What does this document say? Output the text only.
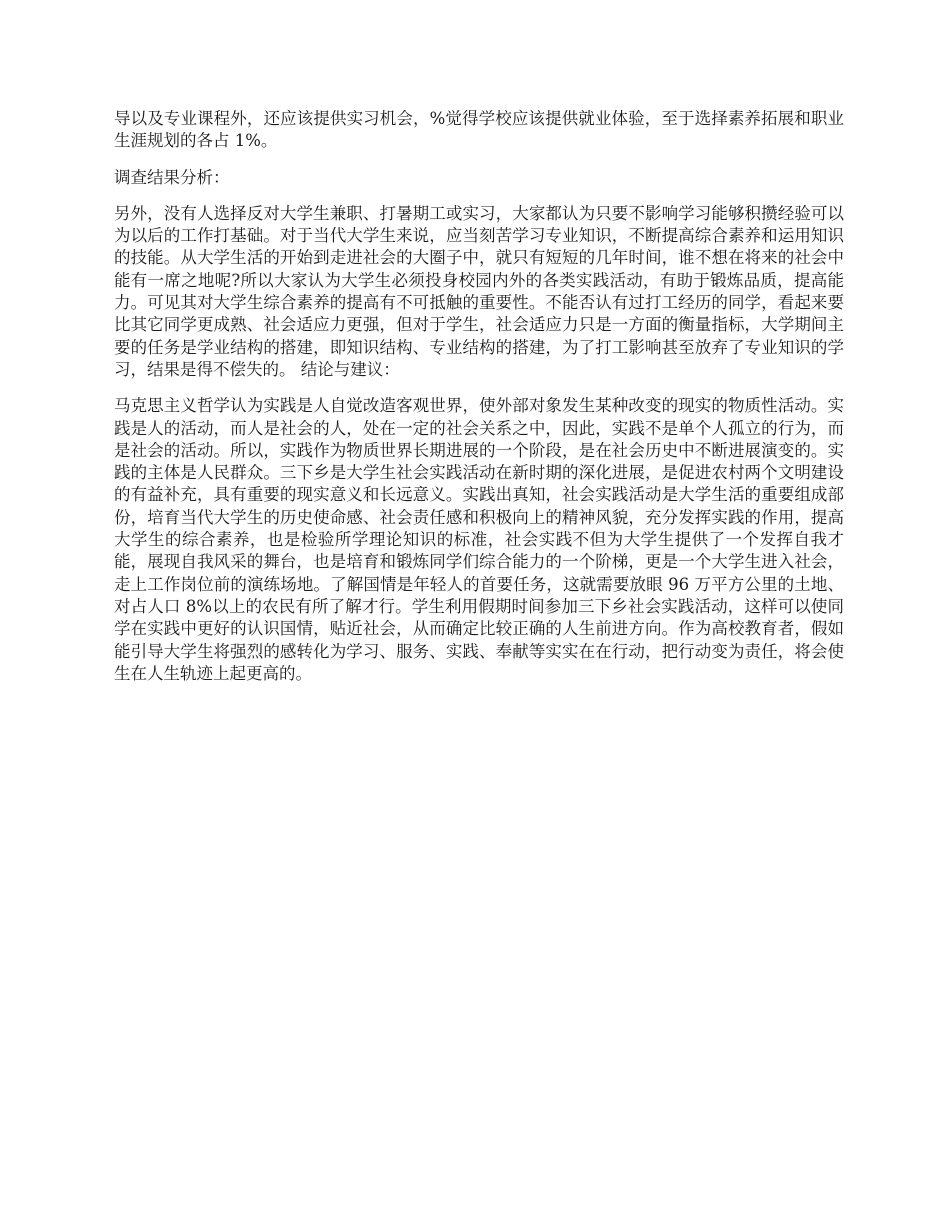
导以及专业课程外，还应该提供实习机会，%觉得学校应该提供就业体验，至于选择素养拓展和职业生涯规划的各占 1%。

调查结果分析：

另外，没有人选择反对大学生兼职、打暑期工或实习，大家都认为只要不影响学习能够积攒经验可以为以后的工作打基础。对于当代大学生来说，应当刻苦学习专业知识，不断提高综合素养和运用知识的技能。从大学生活的开始到走进社会的大圈子中，就只有短短的几年时间，谁不想在将来的社会中能有一席之地呢?所以大家认为大学生必须投身校园内外的各类实践活动，有助于锻炼品质，提高能力。可见其对大学生综合素养的提高有不可抵触的重要性。不能否认有过打工经历的同学，看起来要比其它同学更成熟、社会适应力更强，但对于学生，社会适应力只是一方面的衡量指标，大学期间主要的任务是学业结构的搭建，即知识结构、专业结构的搭建，为了打工影响甚至放弃了专业知识的学习，结果是得不偿失的。 结论与建议：

马克思主义哲学认为实践是人自觉改造客观世界，使外部对象发生某种改变的现实的物质性活动。实践是人的活动，而人是社会的人，处在一定的社会关系之中，因此，实践不是单个人孤立的行为，而是社会的活动。所以，实践作为物质世界长期进展的一个阶段，是在社会历史中不断进展演变的。实践的主体是人民群众。三下乡是大学生社会实践活动在新时期的深化进展，是促进农村两个文明建设的有益补充，具有重要的现实意义和长远意义。实践出真知，社会实践活动是大学生活的重要组成部份，培育当代大学生的历史使命感、社会责任感和积极向上的精神风貌，充分发挥实践的作用，提高大学生的综合素养，也是检验所学理论知识的标准，社会实践不但为大学生提供了一个发挥自我才能，展现自我风采的舞台，也是培育和锻炼同学们综合能力的一个阶梯，更是一个大学生进入社会，走上工作岗位前的演练场地。了解国情是年轻人的首要任务，这就需要放眼 96 万平方公里的土地、对占人口 8%以上的农民有所了解才行。学生利用假期时间参加三下乡社会实践活动，这样可以使同学在实践中更好的认识国情，贴近社会，从而确定比较正确的人生前进方向。作为高校教育者，假如能引导大学生将强烈的感转化为学习、服务、实践、奉献等实实在在行动，把行动变为责任，将会使生在人生轨迹上起更高的。
